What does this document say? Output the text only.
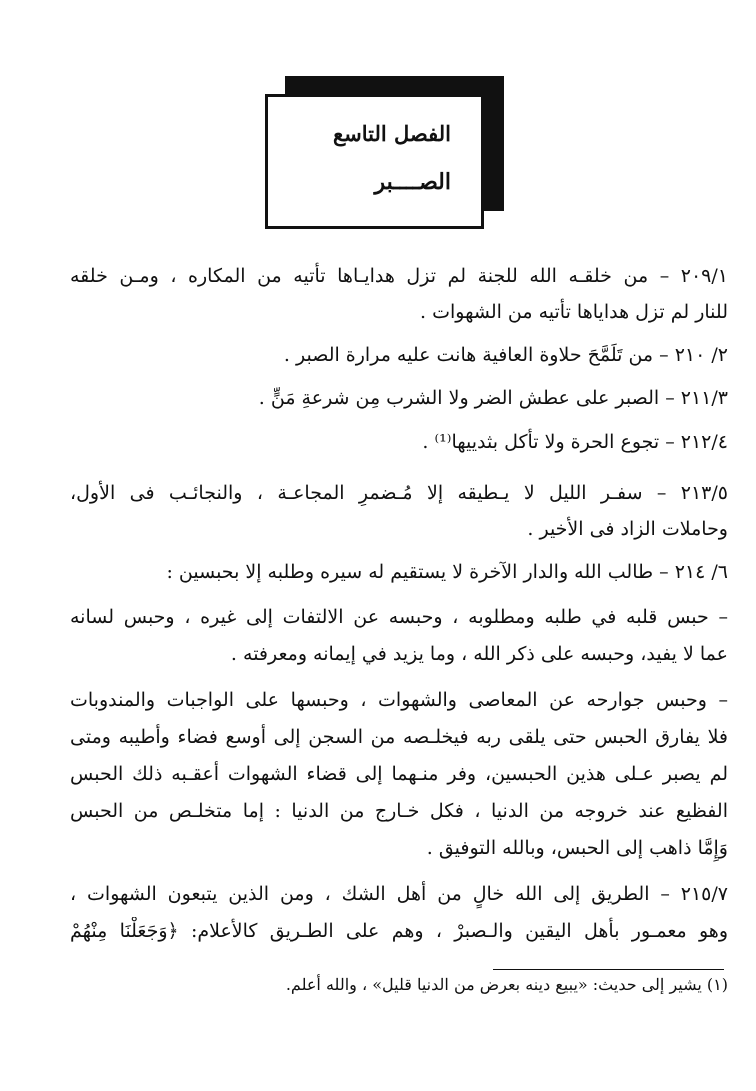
الفصل التاسع
الصــــبر
٢٠٩/١ – من خلقـه الله للجنة لم تزل هدايـاها تأتيه من المكاره ، ومـن خلقه
للنار لم تزل هداياها تأتيه من الشهوات .
٢/ ٢١٠ – من تَلَمَّحَ حلاوة العافية هانت عليه مرارة الصبر .
٢١١/٣ – الصبر على عطش الضر ولا الشرب مِن شرعةِ مَنٍّ .
٢١٢/٤ – تجوع الحرة ولا تأكل بثدييها⁽¹⁾ .
٢١٣/٥ – سفـر الليل لا يـطيقه إلا مُـضمرِ المجاعـة ، والنجائـب فى الأول،
وحاملات الزاد فى الأخير .
٦/ ٢١٤ – طالب الله والدار الآخرة لا يستقيم له سيره وطلبه إلا بحبسين :
– حبس قلبه في طلبه ومطلوبه ، وحبسه عن الالتفات إلى غيره ، وحبس لسانه
عما لا يفيد، وحبسه على ذكر الله ، وما يزيد في إيمانه ومعرفته .
– وحبس جوارحه عن المعاصى والشهوات ، وحبسها على الواجبات والمندوبات
فلا يفارق الحبس حتى يلقى ربه فيخلـصه من السجن إلى أوسع فضاء وأطيبه ومتى
لم يصبر عـلى هذين الحبسين، وفر منـهما إلى قضاء الشهوات أعقـبه ذلك الحبس
الفظيع عند خروجه من الدنيا ، فكل خـارج من الدنيا : إما متخلـص من الحبس
وَإِمَّا ذاهب إلى الحبس، وبالله التوفيق .
٢١٥/٧ – الطريق إلى الله خالٍ من أهل الشك ، ومن الذين يتبعون الشهوات ،
وهو معمـور بأهل اليقين والـصبرْ ، وهم على الطـريق كالأعلام: ﴿وَجَعَلْنَا مِنْهُمْ
(١) يشير إلى حديث: «يبيع دينه بعرض من الدنيا قليل» ، والله أعلم.
